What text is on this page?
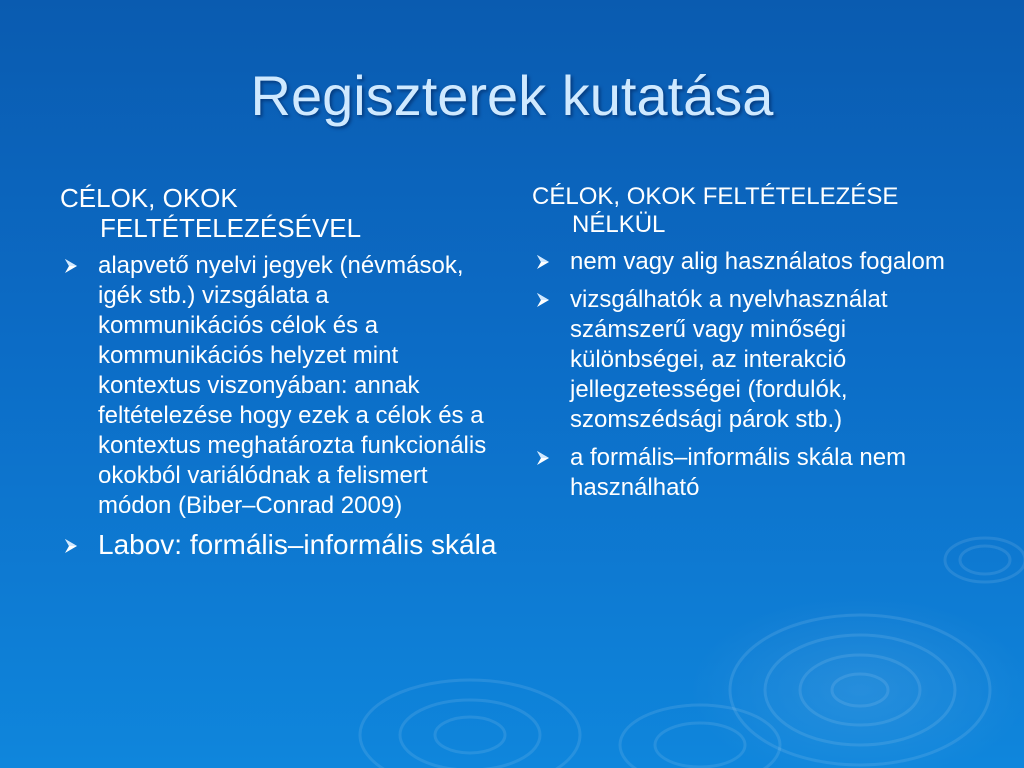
Regiszterek kutatása
CÉLOK, OKOK FELTÉTELEZÉSÉVEL
alapvető nyelvi jegyek (névmások, igék stb.) vizsgálata a kommunikációs célok és a kommunikációs helyzet mint kontextus viszonyában: annak feltételezése hogy ezek a célok és a kontextus meghatározta funkcionális okokból variálódnak a felismert módon (Biber–Conrad 2009)
Labov: formális–informális skála
CÉLOK, OKOK FELTÉTELEZÉSE NÉLKÜL
nem vagy alig használatos fogalom
vizsgálhatók a nyelvhasználat számszerű vagy minőségi különbségei, az interakció jellegzetességei (fordulók, szomszédsági párok stb.)
a formális–informális skála nem használható
